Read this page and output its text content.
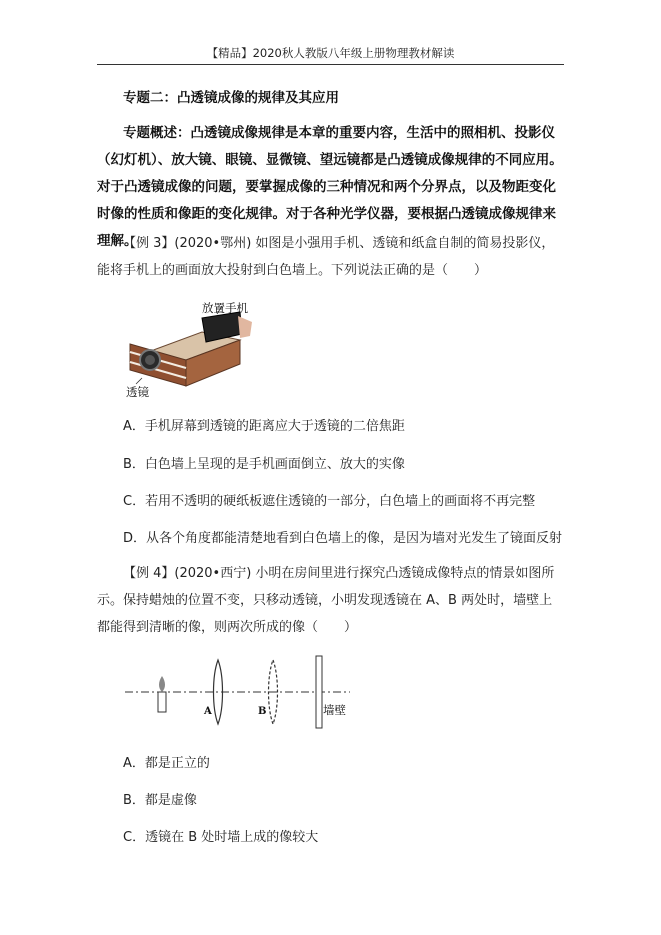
【精品】2020秋人教版八年级上册物理教材解读
专题二：凸透镜成像的规律及其应用

专题概述：凸透镜成像规律是本章的重要内容，生活中的照相机、投影仪（幻灯机）、放大镜、眼镜、显微镜、望远镜都是凸透镜成像规律的不同应用。对于凸透镜成像的问题，要掌握成像的三种情况和两个分界点，以及物距变化时像的性质和像距的变化规律。对于各种光学仪器，要根据凸透镜成像规律来理解。

【例 3】(2020•鄂州) 如图是小强用手机、透镜和纸盒自制的简易投影仪，能将手机上的画面放大投射到白色墙上。下列说法正确的是（　　）

放置手机
透镜
A．手机屏幕到透镜的距离应大于透镜的二倍焦距
B．白色墙上呈现的是手机画面倒立、放大的实像
C．若用不透明的硬纸板遮住透镜的一部分，白色墙上的画面将不再完整
D．从各个角度都能清楚地看到白色墙上的像，是因为墙对光发生了镜面反射

【例 4】(2020•西宁) 小明在房间里进行探究凸透镜成像特点的情景如图所示。保持蜡烛的位置不变，只移动透镜，小明发现透镜在 A、B 两处时，墙壁上都能得到清晰的像，则两次所成的像（　　）

A	B	墙壁
A．都是正立的
B．都是虚像
C．透镜在 B 处时墙上成的像较大
